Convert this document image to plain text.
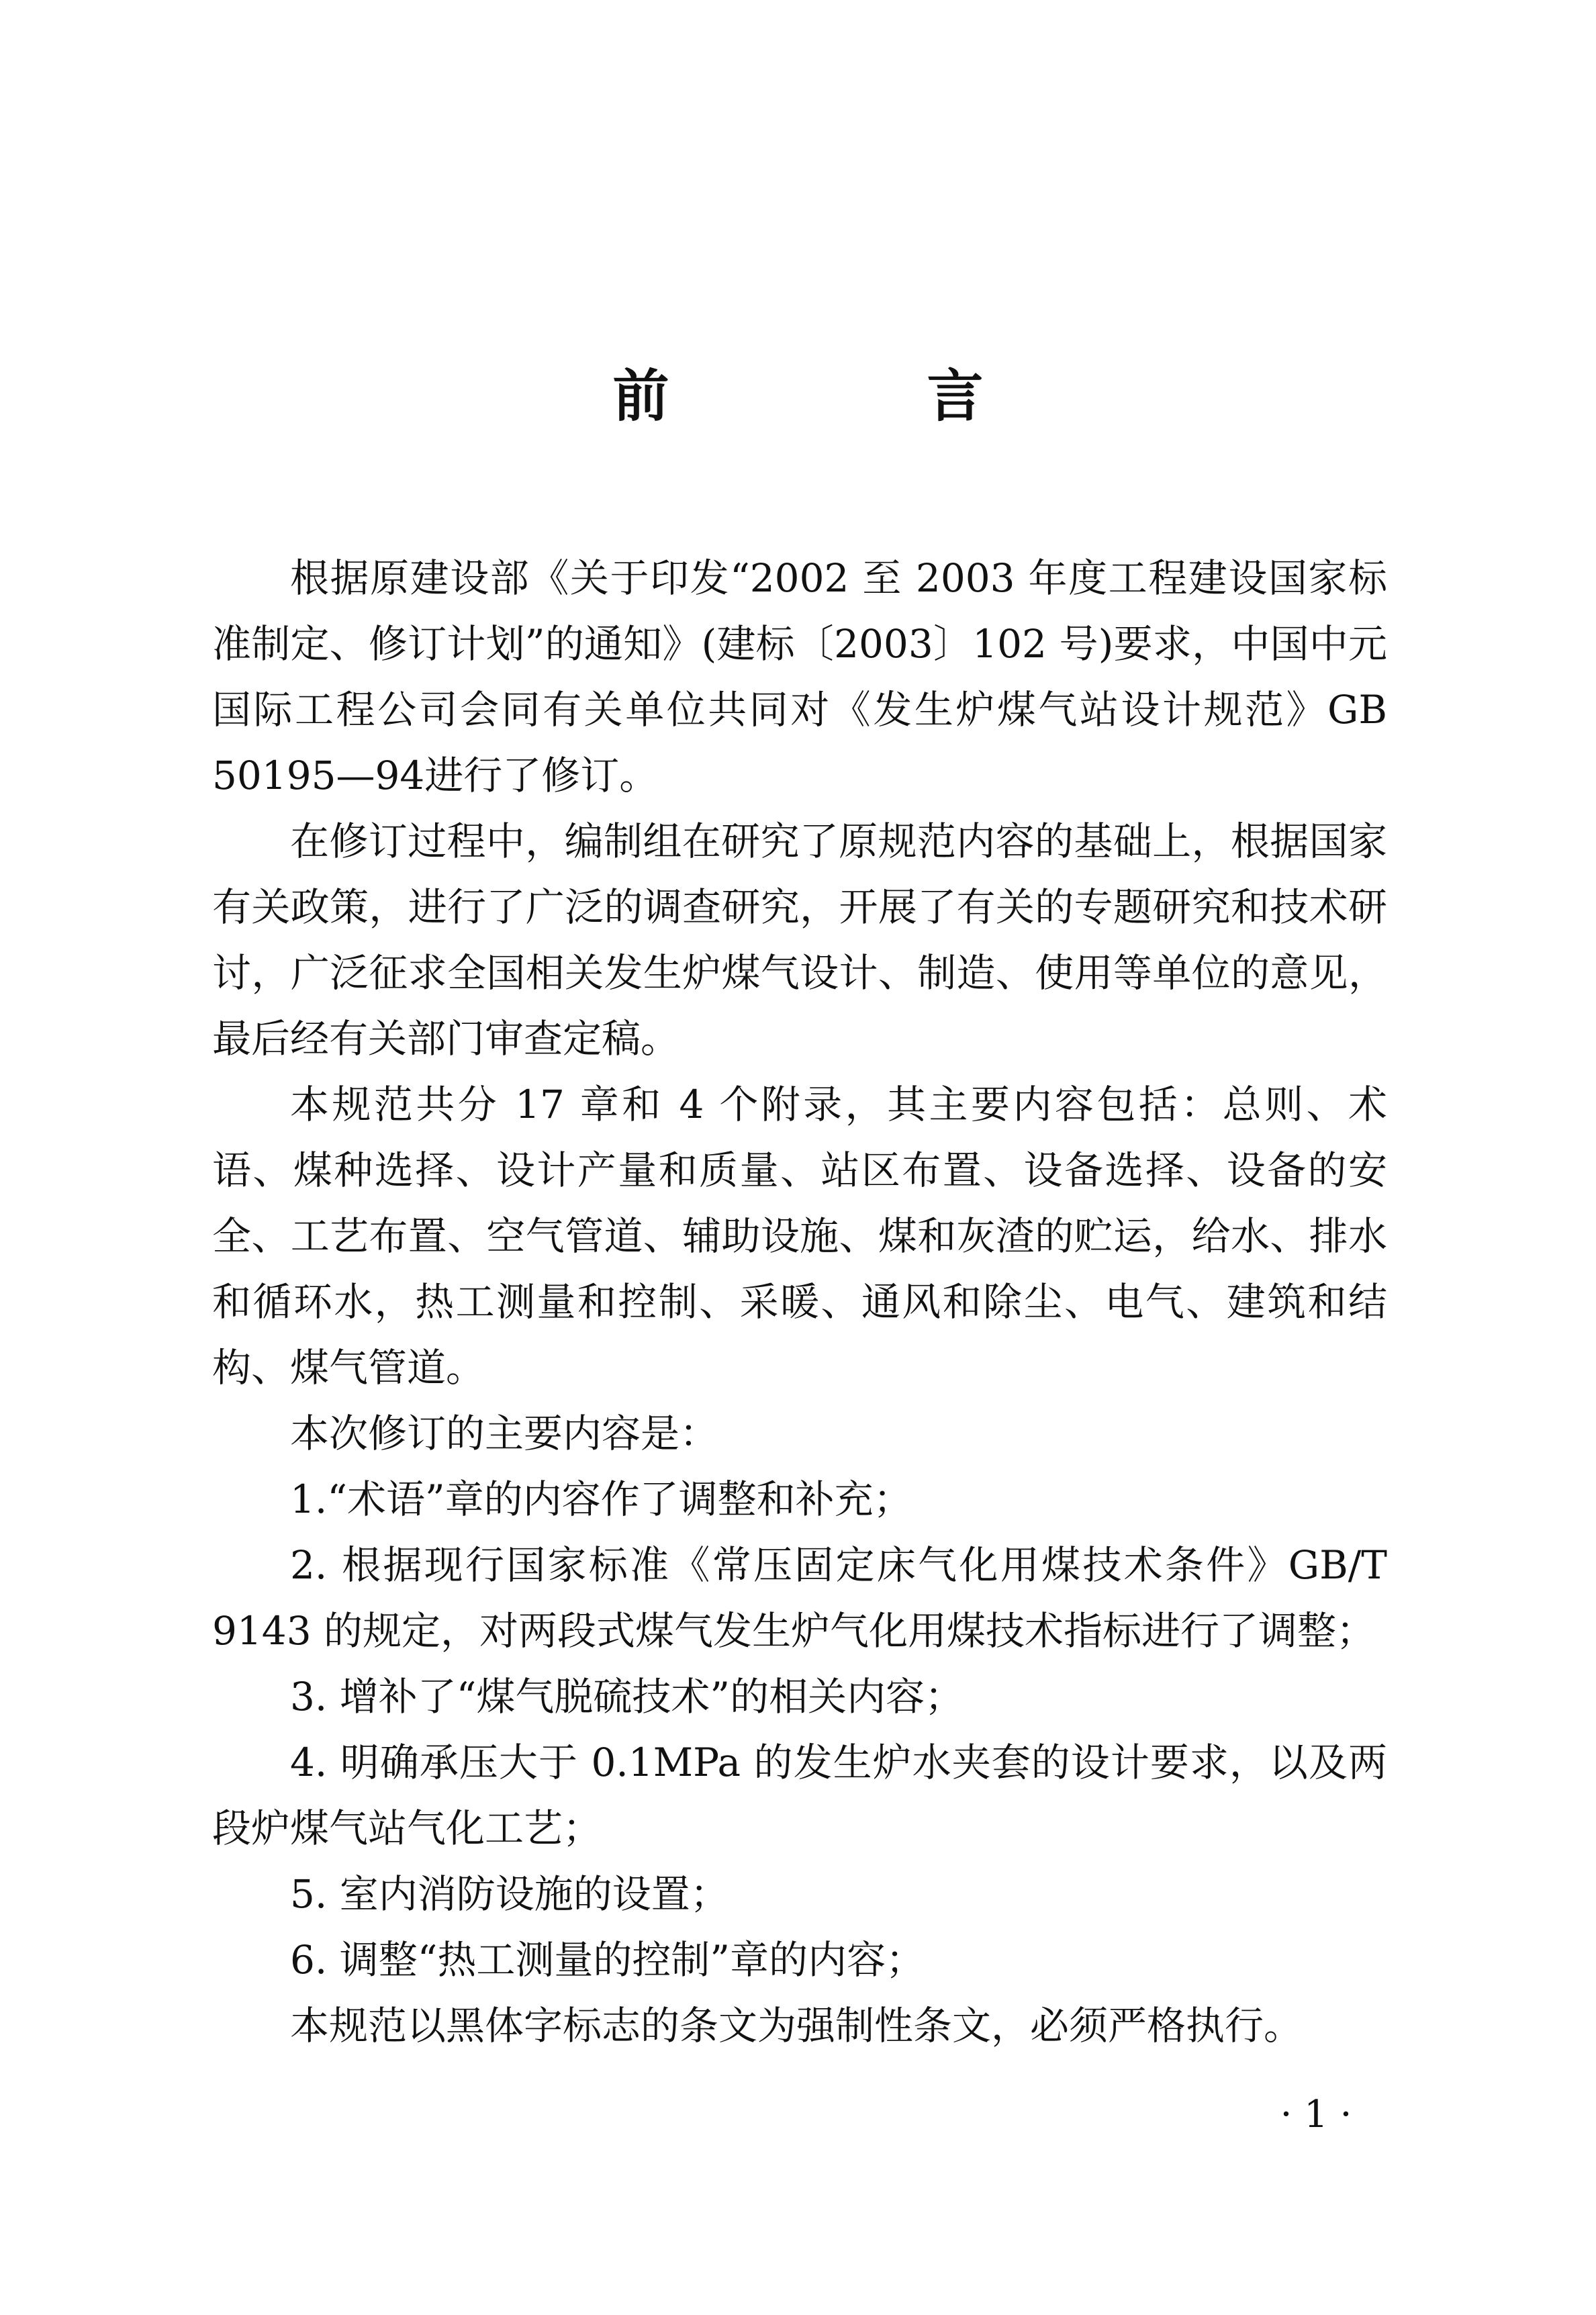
前　言

根据原建设部《关于印发“2002 至 2003 年度工程建设国家标准制定、修订计划”的通知》(建标〔2003〕102 号)要求，中国中元国际工程公司会同有关单位共同对《发生炉煤气站设计规范》GB 50195—94进行了修订。

在修订过程中，编制组在研究了原规范内容的基础上，根据国家有关政策，进行了广泛的调查研究，开展了有关的专题研究和技术研讨，广泛征求全国相关发生炉煤气设计、制造、使用等单位的意见，最后经有关部门审查定稿。

本规范共分 17 章和 4 个附录，其主要内容包括：总则、术语、煤种选择、设计产量和质量、站区布置、设备选择、设备的安全、工艺布置、空气管道、辅助设施、煤和灰渣的贮运，给水、排水和循环水，热工测量和控制、采暖、通风和除尘、电气、建筑和结构、煤气管道。

本次修订的主要内容是：

1.“术语”章的内容作了调整和补充；

2. 根据现行国家标准《常压固定床气化用煤技术条件》GB/T 9143 的规定，对两段式煤气发生炉气化用煤技术指标进行了调整；

3. 增补了“煤气脱硫技术”的相关内容；

4. 明确承压大于 0.1MPa 的发生炉水夹套的设计要求，以及两段炉煤气站气化工艺；

5. 室内消防设施的设置；

6. 调整“热工测量的控制”章的内容；

本规范以黑体字标志的条文为强制性条文，必须严格执行。

· 1 ·
